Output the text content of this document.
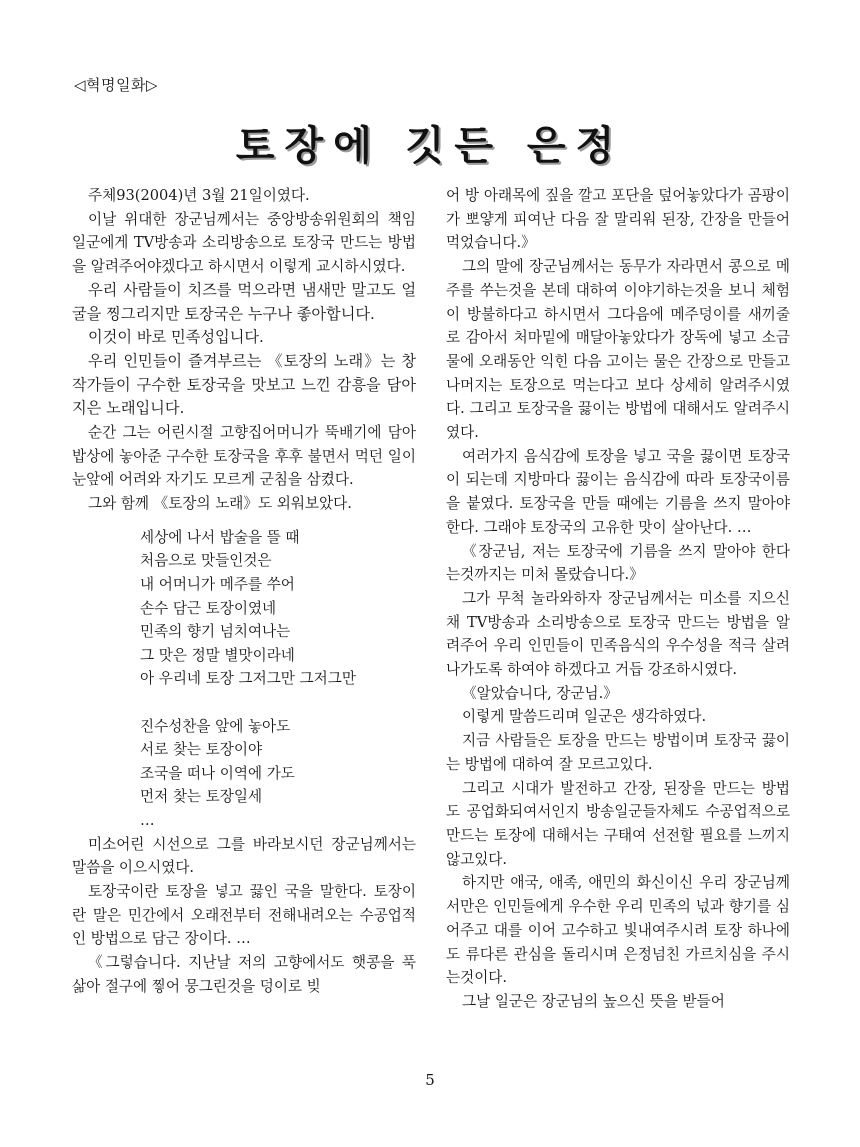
◁혁명일화▷
토장에 깃든 은정

주체93(2004)년 3월 21일이였다.

이날 위대한 장군님께서는 중앙방송위원회의 책임일군에게 TV방송과 소리방송으로 토장국 만드는 방법을 알려주어야겠다고 하시면서 이렇게 교시하시였다.

우리 사람들이 치즈를 먹으라면 냄새만 말고도 얼굴을 찡그리지만 토장국은 누구나 좋아합니다.

이것이 바로 민족성입니다.

우리 인민들이 즐겨부르는 《토장의 노래》는 창작가들이 구수한 토장국을 맛보고 느낀 감흥을 담아 지은 노래입니다.

순간 그는 어린시절 고향집어머니가 뚝배기에 담아 밥상에 놓아준 구수한 토장국을 후후 불면서 먹던 일이 눈앞에 어려와 자기도 모르게 군침을 삼켰다.

그와 함께 《토장의 노래》도 외워보았다.

세상에 나서 밥술을 뜰 때
처음으로 맛들인것은
내 어머니가 메주를 쑤어
손수 담근 토장이였네
민족의 향기 넘치여나는
그 맛은 정말 별맛이라네
아 우리네 토장 그저그만 그저그만
진수성찬을 앞에 놓아도
서로 찾는 토장이야
조국을 떠나 이역에 가도
먼저 찾는 토장일세
…

미소어린 시선으로 그를 바라보시던 장군님께서는 말씀을 이으시였다.

토장국이란 토장을 넣고 끓인 국을 말한다. 토장이란 말은 민간에서 오래전부터 전해내려오는 수공업적인 방법으로 담근 장이다. …

《그렇습니다. 지난날 저의 고향에서도 햇콩을 푹 삶아 절구에 찧어 뭉그린것을 덩이로 빚

어 방 아래목에 짚을 깔고 포단을 덮어놓았다가 곰팡이가 뽀얗게 피여난 다음 잘 말리워 된장, 간장을 만들어먹었습니다.》

그의 말에 장군님께서는 동무가 자라면서 콩으로 메주를 쑤는것을 본데 대하여 이야기하는것을 보니 체험이 방불하다고 하시면서 그다음에 메주덩이를 새끼줄로 감아서 처마밑에 매달아놓았다가 장독에 넣고 소금물에 오래동안 익힌 다음 고이는 물은 간장으로 만들고 나머지는 토장으로 먹는다고 보다 상세히 알려주시였다. 그리고 토장국을 끓이는 방법에 대해서도 알려주시였다.

여러가지 음식감에 토장을 넣고 국을 끓이면 토장국이 되는데 지방마다 끓이는 음식감에 따라 토장국이름을 붙였다. 토장국을 만들 때에는 기름을 쓰지 말아야 한다. 그래야 토장국의 고유한 맛이 살아난다. …

《장군님, 저는 토장국에 기름을 쓰지 말아야 한다는것까지는 미처 몰랐습니다.》

그가 무척 놀라와하자 장군님께서는 미소를 지으신채 TV방송과 소리방송으로 토장국 만드는 방법을 알려주어 우리 인민들이 민족음식의 우수성을 적극 살려나가도록 하여야 하겠다고 거듭 강조하시였다.

《알았습니다, 장군님.》

이렇게 말씀드리며 일군은 생각하였다.

지금 사람들은 토장을 만드는 방법이며 토장국 끓이는 방법에 대하여 잘 모르고있다.

그리고 시대가 발전하고 간장, 된장을 만드는 방법도 공업화되여서인지 방송일군들자체도 수공업적으로 만드는 토장에 대해서는 구태여 선전할 필요를 느끼지 않고있다.

하지만 애국, 애족, 애민의 화신이신 우리 장군님께서만은 인민들에게 우수한 우리 민족의 넋과 향기를 심어주고 대를 이어 고수하고 빛내여주시려 토장 하나에도 류다른 관심을 돌리시며 은정넘친 가르치심을 주시는것이다.

그날 일군은 장군님의 높으신 뜻을 받들어

5
